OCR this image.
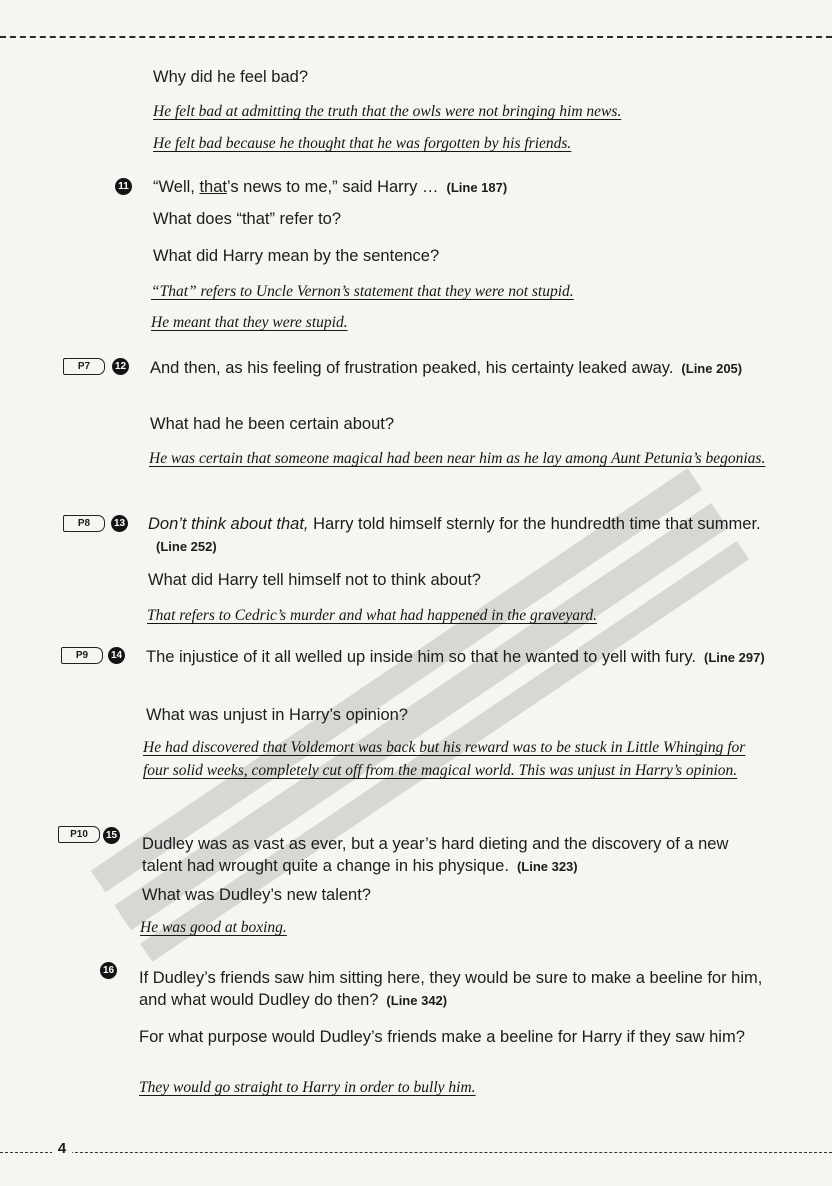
Why did he feel bad?
He felt bad at admitting the truth that the owls were not bringing him news.
He felt bad because he thought that he was forgotten by his friends.
11 “Well, that’s news to me,” said Harry … (Line 187)
What does “that” refer to?
What did Harry mean by the sentence?
“That” refers to Uncle Vernon’s statement that they were not stupid.
He meant that they were stupid.
P7	12 And then, as his feeling of frustration peaked, his certainty leaked away. (Line 205)
What had he been certain about?
He was certain that someone magical had been near him as he lay among Aunt Petunia’s begonias.
P8	13 Don’t think about that, Harry told himself sternly for the hundredth time that summer.(Line 252)
What did Harry tell himself not to think about?
That refers to Cedric’s murder and what had happened in the graveyard.
P9	14 The injustice of it all welled up inside him so that he wanted to yell with fury. (Line 297)
What was unjust in Harry’s opinion?
He had discovered that Voldemort was back but his reward was to be stuck in Little Whinging for four solid weeks, completely cut off from the magical world. This was unjust in Harry’s opinion.
P10	15 Dudley was as vast as ever, but a year’s hard dieting and the discovery of a new talent had wrought quite a change in his physique. (Line 323)
What was Dudley’s new talent?
He was good at boxing.
16 If Dudley’s friends saw him sitting here, they would be sure to make a beeline for him, and what would Dudley do then? (Line 342)
For what purpose would Dudley’s friends make a beeline for Harry if they saw him?
They would go straight to Harry in order to bully him.
4
